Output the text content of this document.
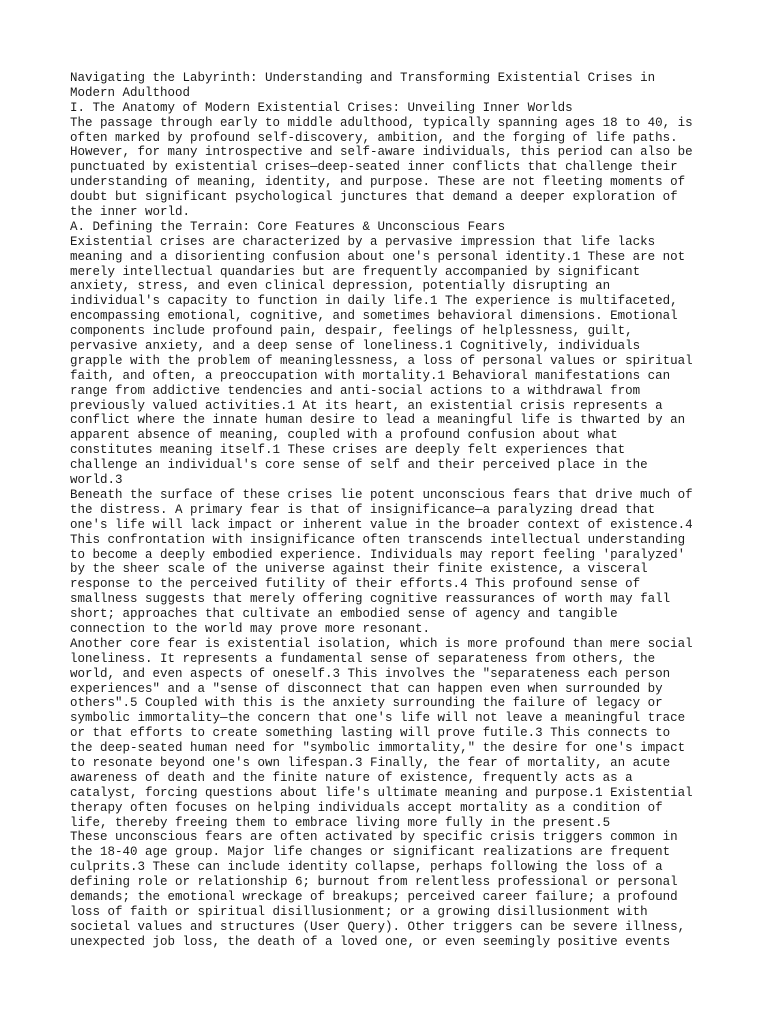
Navigating the Labyrinth: Understanding and Transforming Existential Crises in
Modern Adulthood
I. The Anatomy of Modern Existential Crises: Unveiling Inner Worlds
The passage through early to middle adulthood, typically spanning ages 18 to 40, is
often marked by profound self-discovery, ambition, and the forging of life paths.
However, for many introspective and self-aware individuals, this period can also be
punctuated by existential crises—deep-seated inner conflicts that challenge their
understanding of meaning, identity, and purpose. These are not fleeting moments of
doubt but significant psychological junctures that demand a deeper exploration of
the inner world.
A. Defining the Terrain: Core Features & Unconscious Fears
Existential crises are characterized by a pervasive impression that life lacks
meaning and a disorienting confusion about one's personal identity.1 These are not
merely intellectual quandaries but are frequently accompanied by significant
anxiety, stress, and even clinical depression, potentially disrupting an
individual's capacity to function in daily life.1 The experience is multifaceted,
encompassing emotional, cognitive, and sometimes behavioral dimensions. Emotional
components include profound pain, despair, feelings of helplessness, guilt,
pervasive anxiety, and a deep sense of loneliness.1 Cognitively, individuals
grapple with the problem of meaninglessness, a loss of personal values or spiritual
faith, and often, a preoccupation with mortality.1 Behavioral manifestations can
range from addictive tendencies and anti-social actions to a withdrawal from
previously valued activities.1 At its heart, an existential crisis represents a
conflict where the innate human desire to lead a meaningful life is thwarted by an
apparent absence of meaning, coupled with a profound confusion about what
constitutes meaning itself.1 These crises are deeply felt experiences that
challenge an individual's core sense of self and their perceived place in the
world.3
Beneath the surface of these crises lie potent unconscious fears that drive much of
the distress. A primary fear is that of insignificance—a paralyzing dread that
one's life will lack impact or inherent value in the broader context of existence.4
This confrontation with insignificance often transcends intellectual understanding
to become a deeply embodied experience. Individuals may report feeling 'paralyzed'
by the sheer scale of the universe against their finite existence, a visceral
response to the perceived futility of their efforts.4 This profound sense of
smallness suggests that merely offering cognitive reassurances of worth may fall
short; approaches that cultivate an embodied sense of agency and tangible
connection to the world may prove more resonant.
Another core fear is existential isolation, which is more profound than mere social
loneliness. It represents a fundamental sense of separateness from others, the
world, and even aspects of oneself.3 This involves the "separateness each person
experiences" and a "sense of disconnect that can happen even when surrounded by
others".5 Coupled with this is the anxiety surrounding the failure of legacy or
symbolic immortality—the concern that one's life will not leave a meaningful trace
or that efforts to create something lasting will prove futile.3 This connects to
the deep-seated human need for "symbolic immortality," the desire for one's impact
to resonate beyond one's own lifespan.3 Finally, the fear of mortality, an acute
awareness of death and the finite nature of existence, frequently acts as a
catalyst, forcing questions about life's ultimate meaning and purpose.1 Existential
therapy often focuses on helping individuals accept mortality as a condition of
life, thereby freeing them to embrace living more fully in the present.5
These unconscious fears are often activated by specific crisis triggers common in
the 18-40 age group. Major life changes or significant realizations are frequent
culprits.3 These can include identity collapse, perhaps following the loss of a
defining role or relationship 6; burnout from relentless professional or personal
demands; the emotional wreckage of breakups; perceived career failure; a profound
loss of faith or spiritual disillusionment; or a growing disillusionment with
societal values and structures (User Query). Other triggers can be severe illness,
unexpected job loss, the death of a loved one, or even seemingly positive events
